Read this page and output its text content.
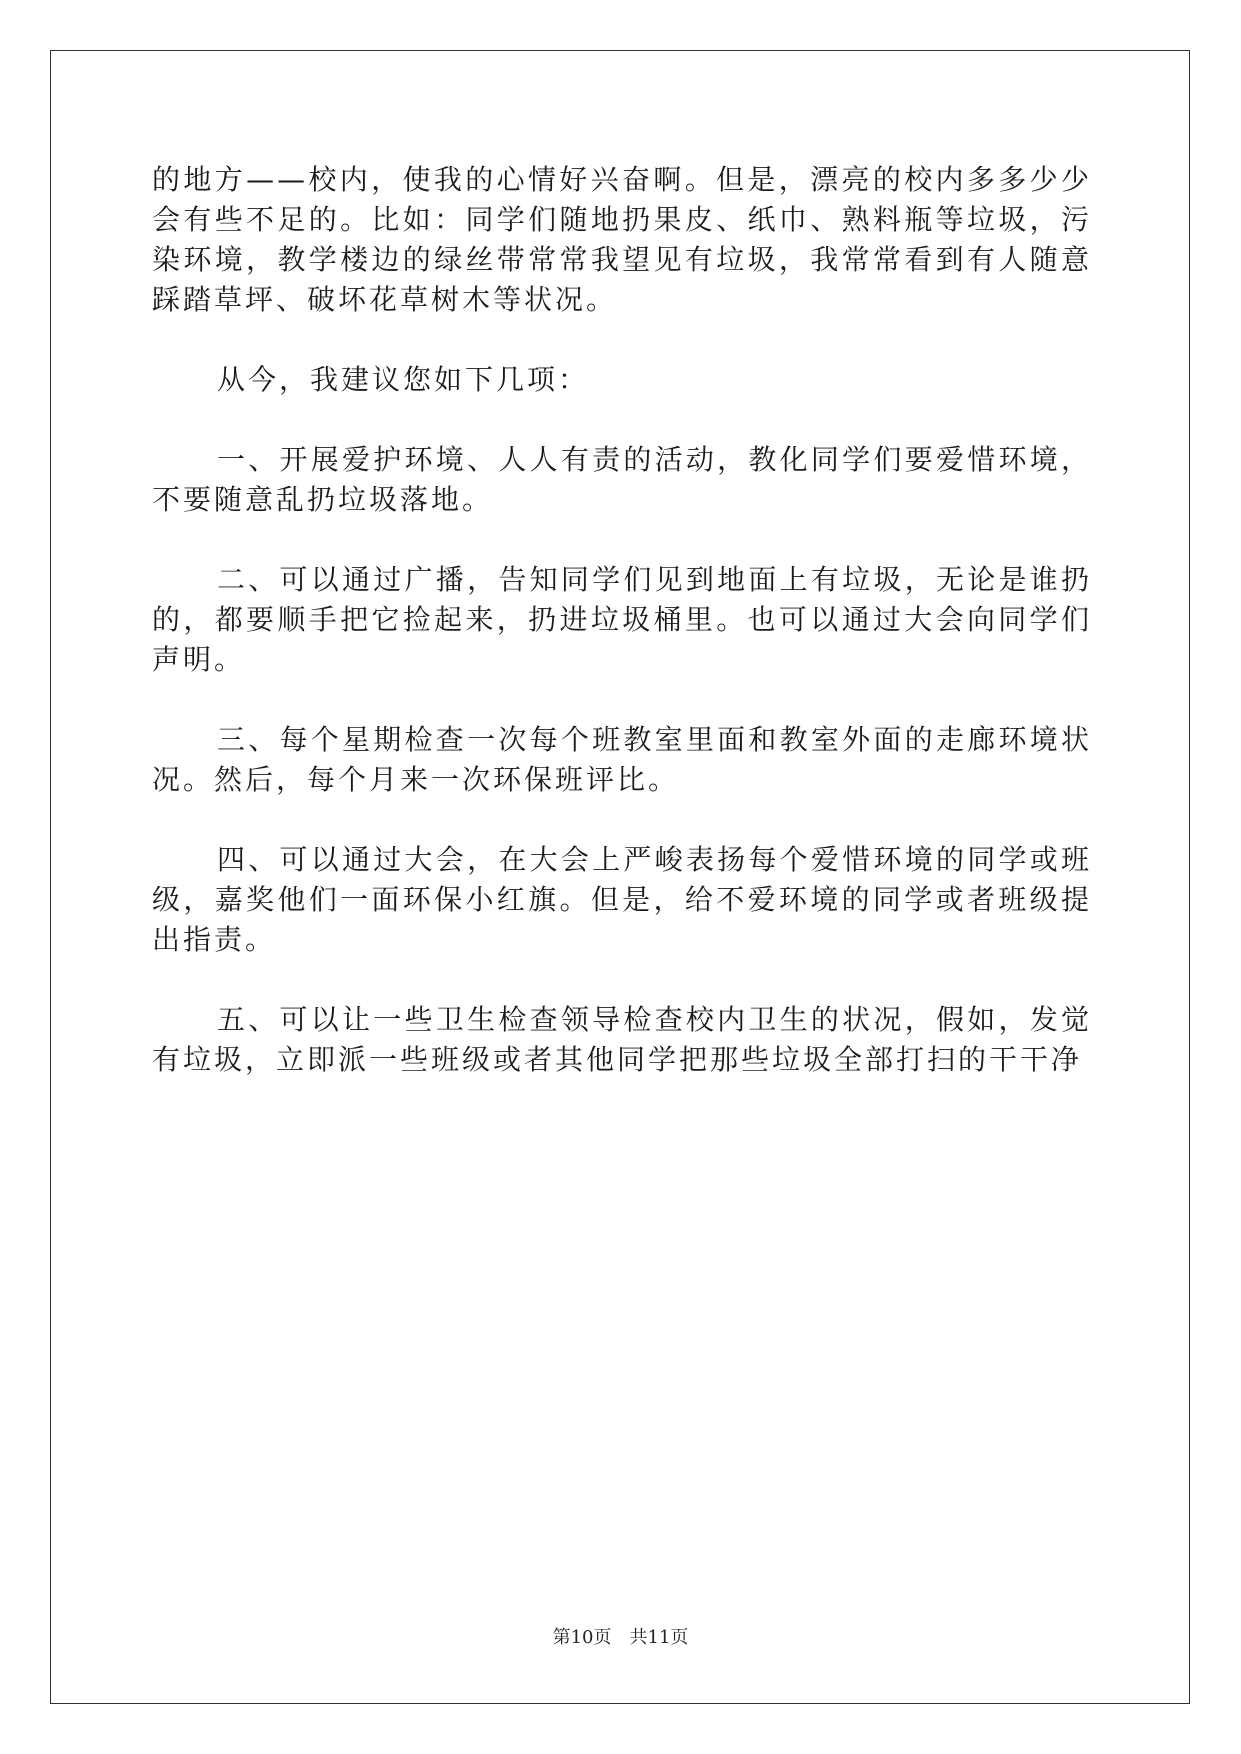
的地方——校内，使我的心情好兴奋啊。但是，漂亮的校内多多少少会有些不足的。比如：同学们随地扔果皮、纸巾、熟料瓶等垃圾，污染环境，教学楼边的绿丝带常常我望见有垃圾，我常常看到有人随意踩踏草坪、破坏花草树木等状况。

从今，我建议您如下几项：

一、开展爱护环境、人人有责的活动，教化同学们要爱惜环境，不要随意乱扔垃圾落地。

二、可以通过广播，告知同学们见到地面上有垃圾，无论是谁扔的，都要顺手把它捡起来，扔进垃圾桶里。也可以通过大会向同学们声明。

三、每个星期检查一次每个班教室里面和教室外面的走廊环境状况。然后，每个月来一次环保班评比。

四、可以通过大会，在大会上严峻表扬每个爱惜环境的同学或班级，嘉奖他们一面环保小红旗。但是，给不爱环境的同学或者班级提出指责。

五、可以让一些卫生检查领导检查校内卫生的状况，假如，发觉有垃圾，立即派一些班级或者其他同学把那些垃圾全部打扫的干干净

第10页 共11页
